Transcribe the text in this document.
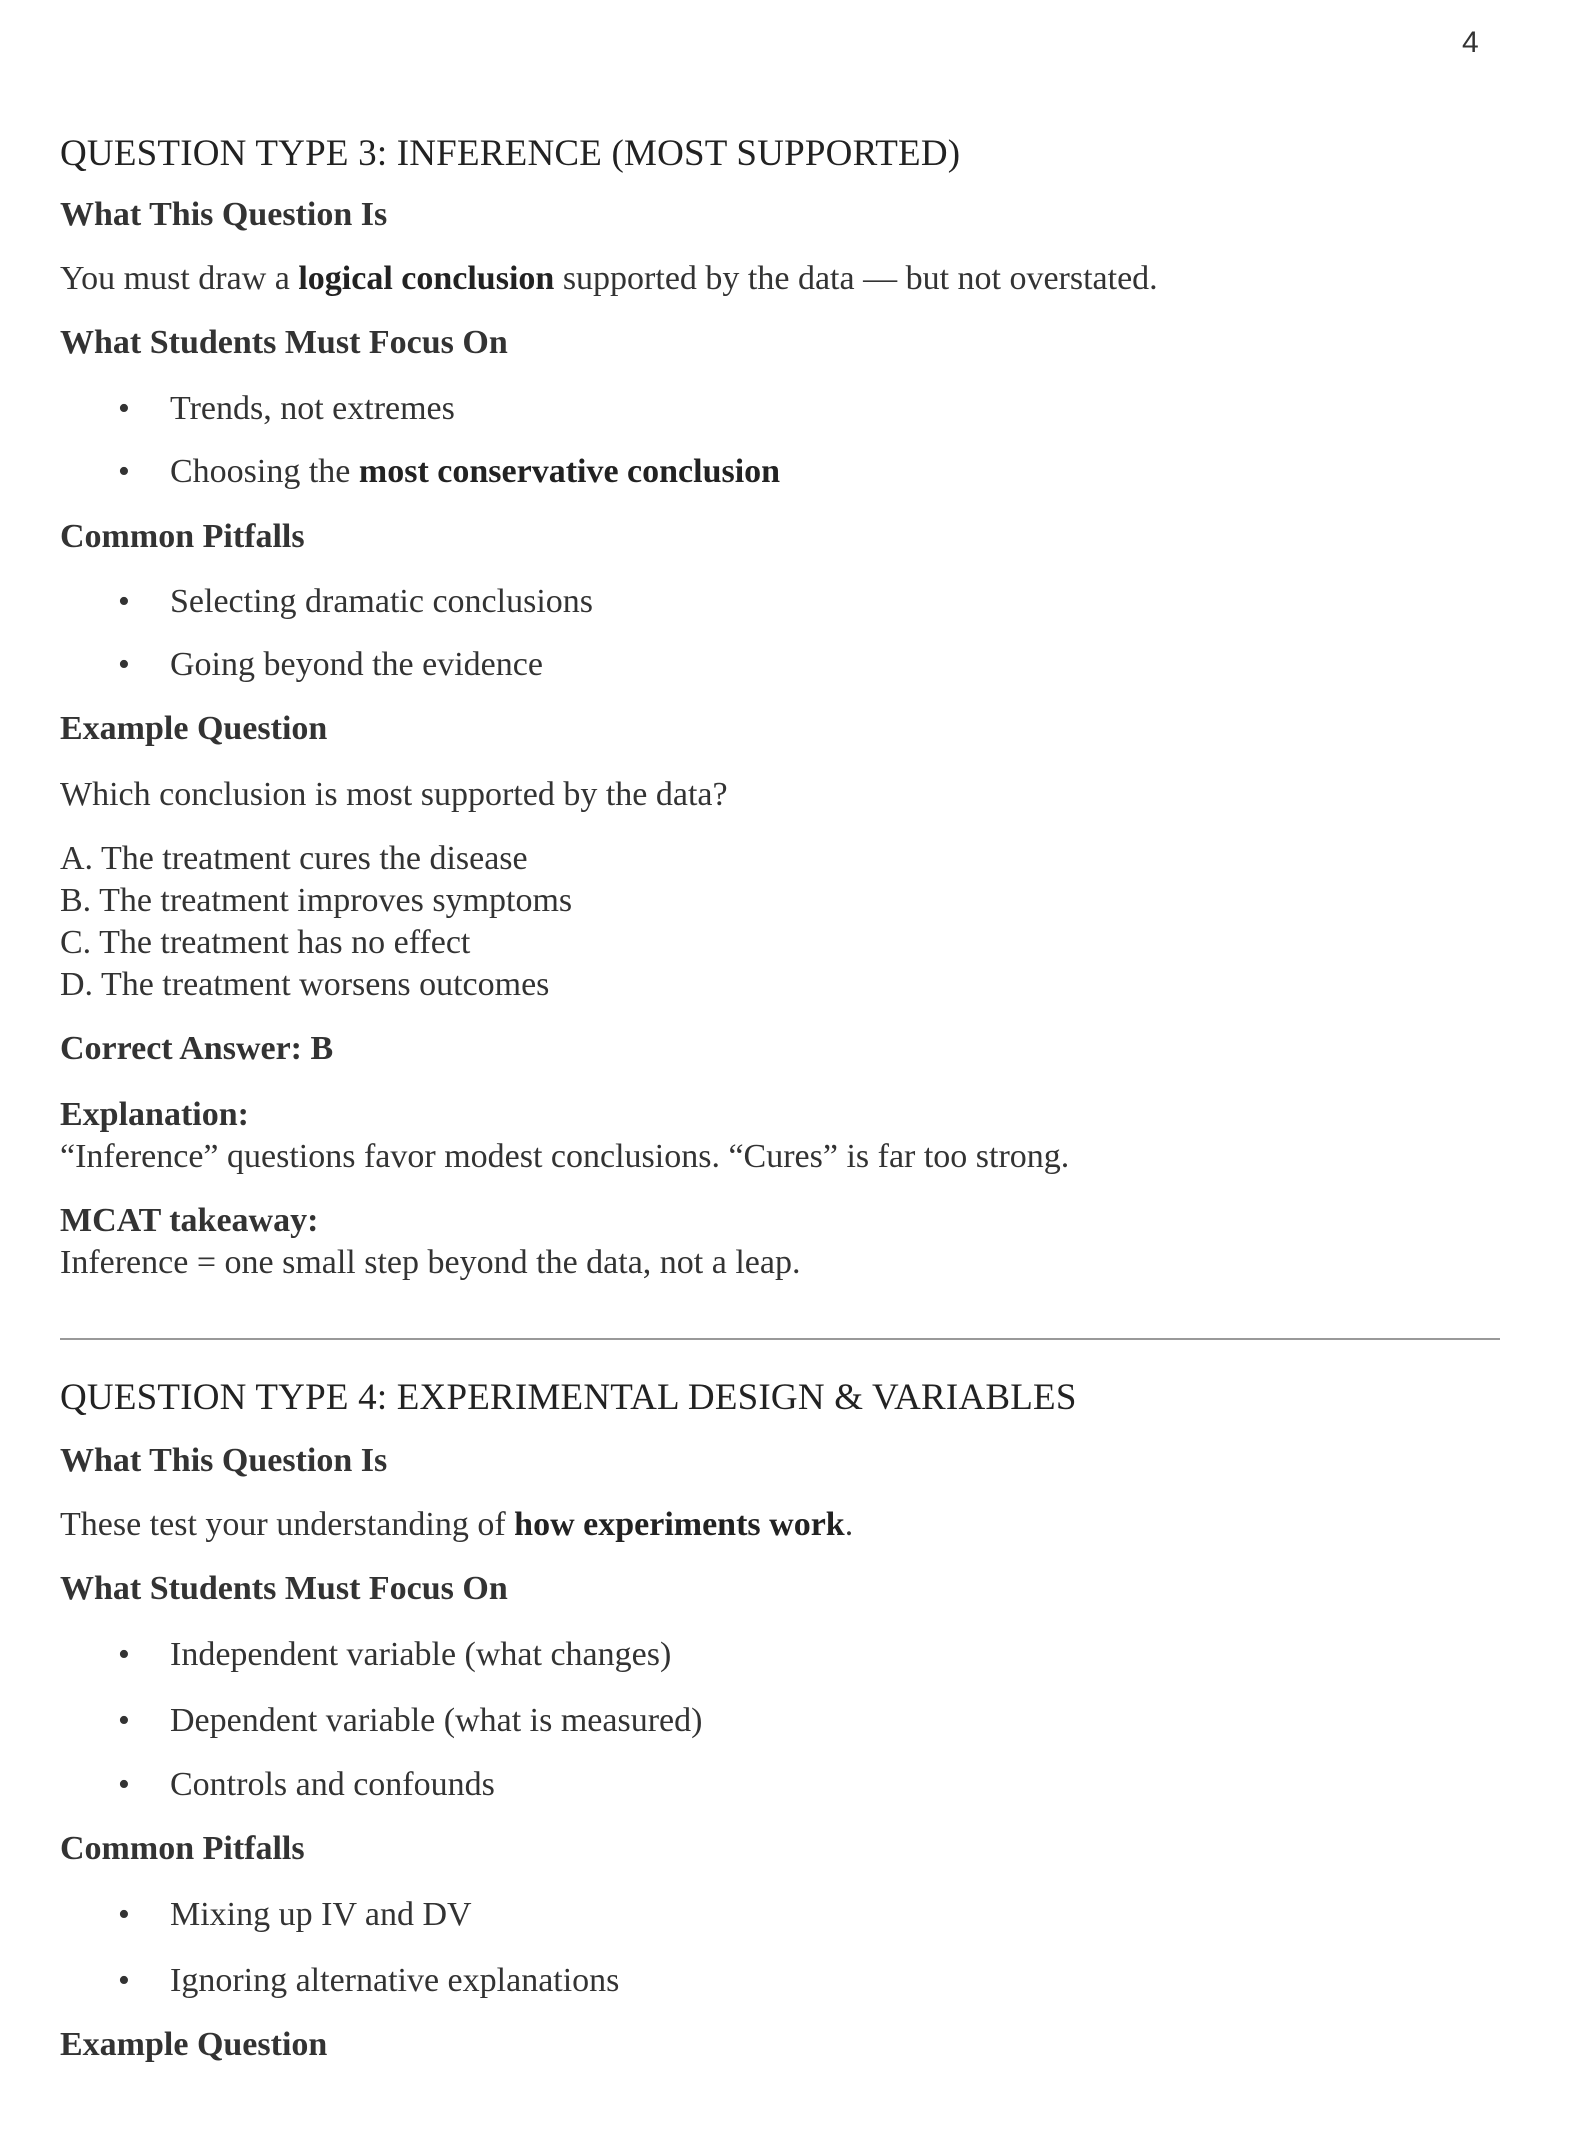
4
QUESTION TYPE 3: INFERENCE (MOST SUPPORTED)
What This Question Is
You must draw a logical conclusion supported by the data — but not overstated.
What Students Must Focus On
• Trends, not extremes
• Choosing the most conservative conclusion
Common Pitfalls
• Selecting dramatic conclusions
• Going beyond the evidence
Example Question
Which conclusion is most supported by the data?
A. The treatment cures the disease
B. The treatment improves symptoms
C. The treatment has no effect
D. The treatment worsens outcomes
Correct Answer: B
Explanation:
“Inference” questions favor modest conclusions. “Cures” is far too strong.
MCAT takeaway:
Inference = one small step beyond the data, not a leap.
QUESTION TYPE 4: EXPERIMENTAL DESIGN & VARIABLES
What This Question Is
These test your understanding of how experiments work.
What Students Must Focus On
• Independent variable (what changes)
• Dependent variable (what is measured)
• Controls and confounds
Common Pitfalls
• Mixing up IV and DV
• Ignoring alternative explanations
Example Question
